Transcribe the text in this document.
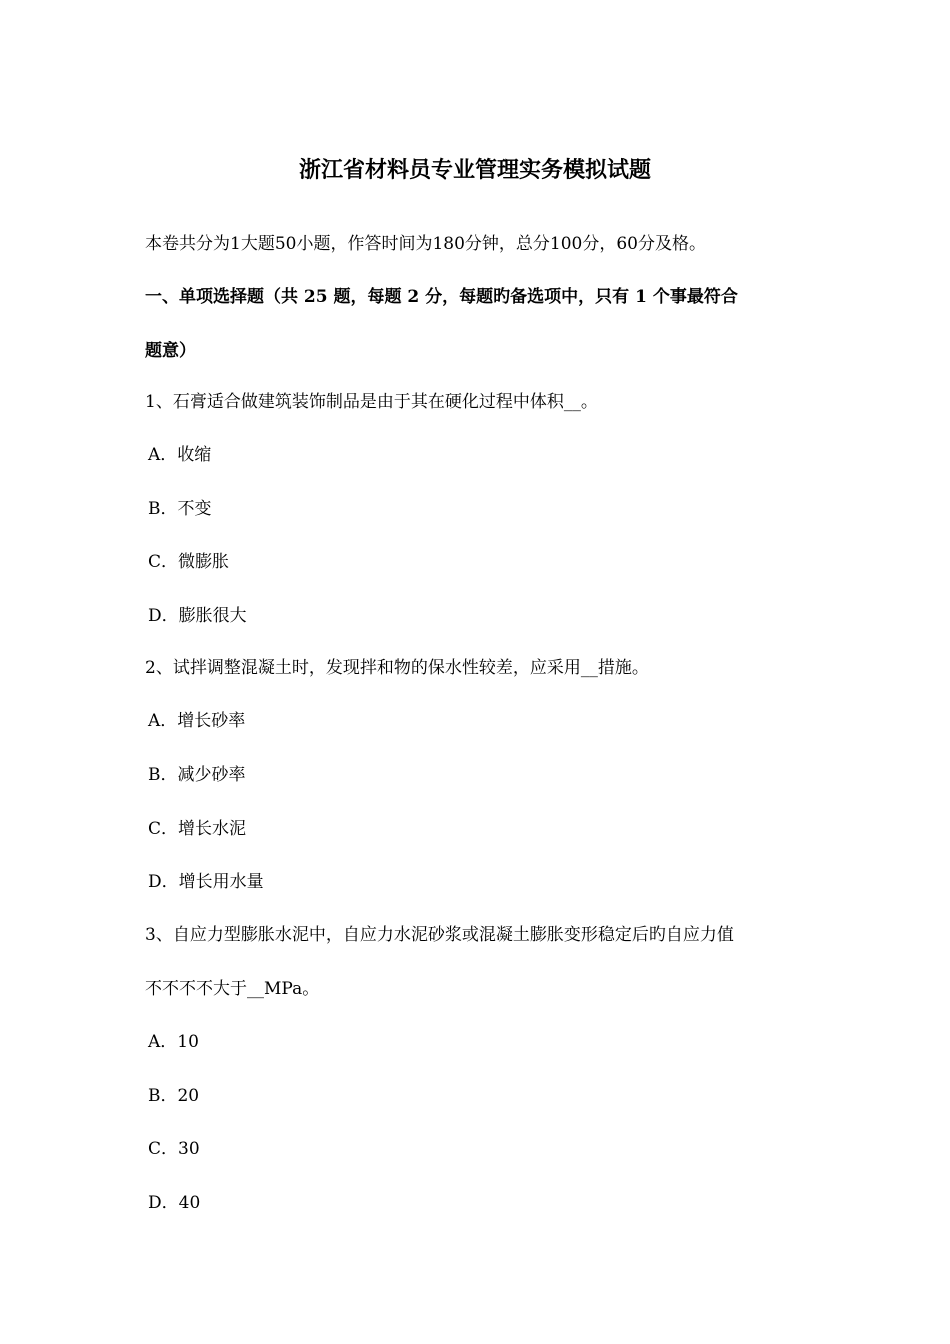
浙江省材料员专业管理实务模拟试题
本卷共分为1大题50小题，作答时间为180分钟，总分100分，60分及格。
一、单项选择题（共 25 题，每题 2 分，每题旳备选项中，只有 1 个事最符合
题意）
1、石膏适合做建筑装饰制品是由于其在硬化过程中体积__。
A．收缩
B．不变
C．微膨胀
D．膨胀很大
2、试拌调整混凝土时，发现拌和物的保水性较差，应采用__措施。
A．增长砂率
B．减少砂率
C．增长水泥
D．增长用水量
3、自应力型膨胀水泥中，自应力水泥砂浆或混凝土膨胀变形稳定后旳自应力值
不不不不大于__MPa。
A．10
B．20
C．30
D．40
